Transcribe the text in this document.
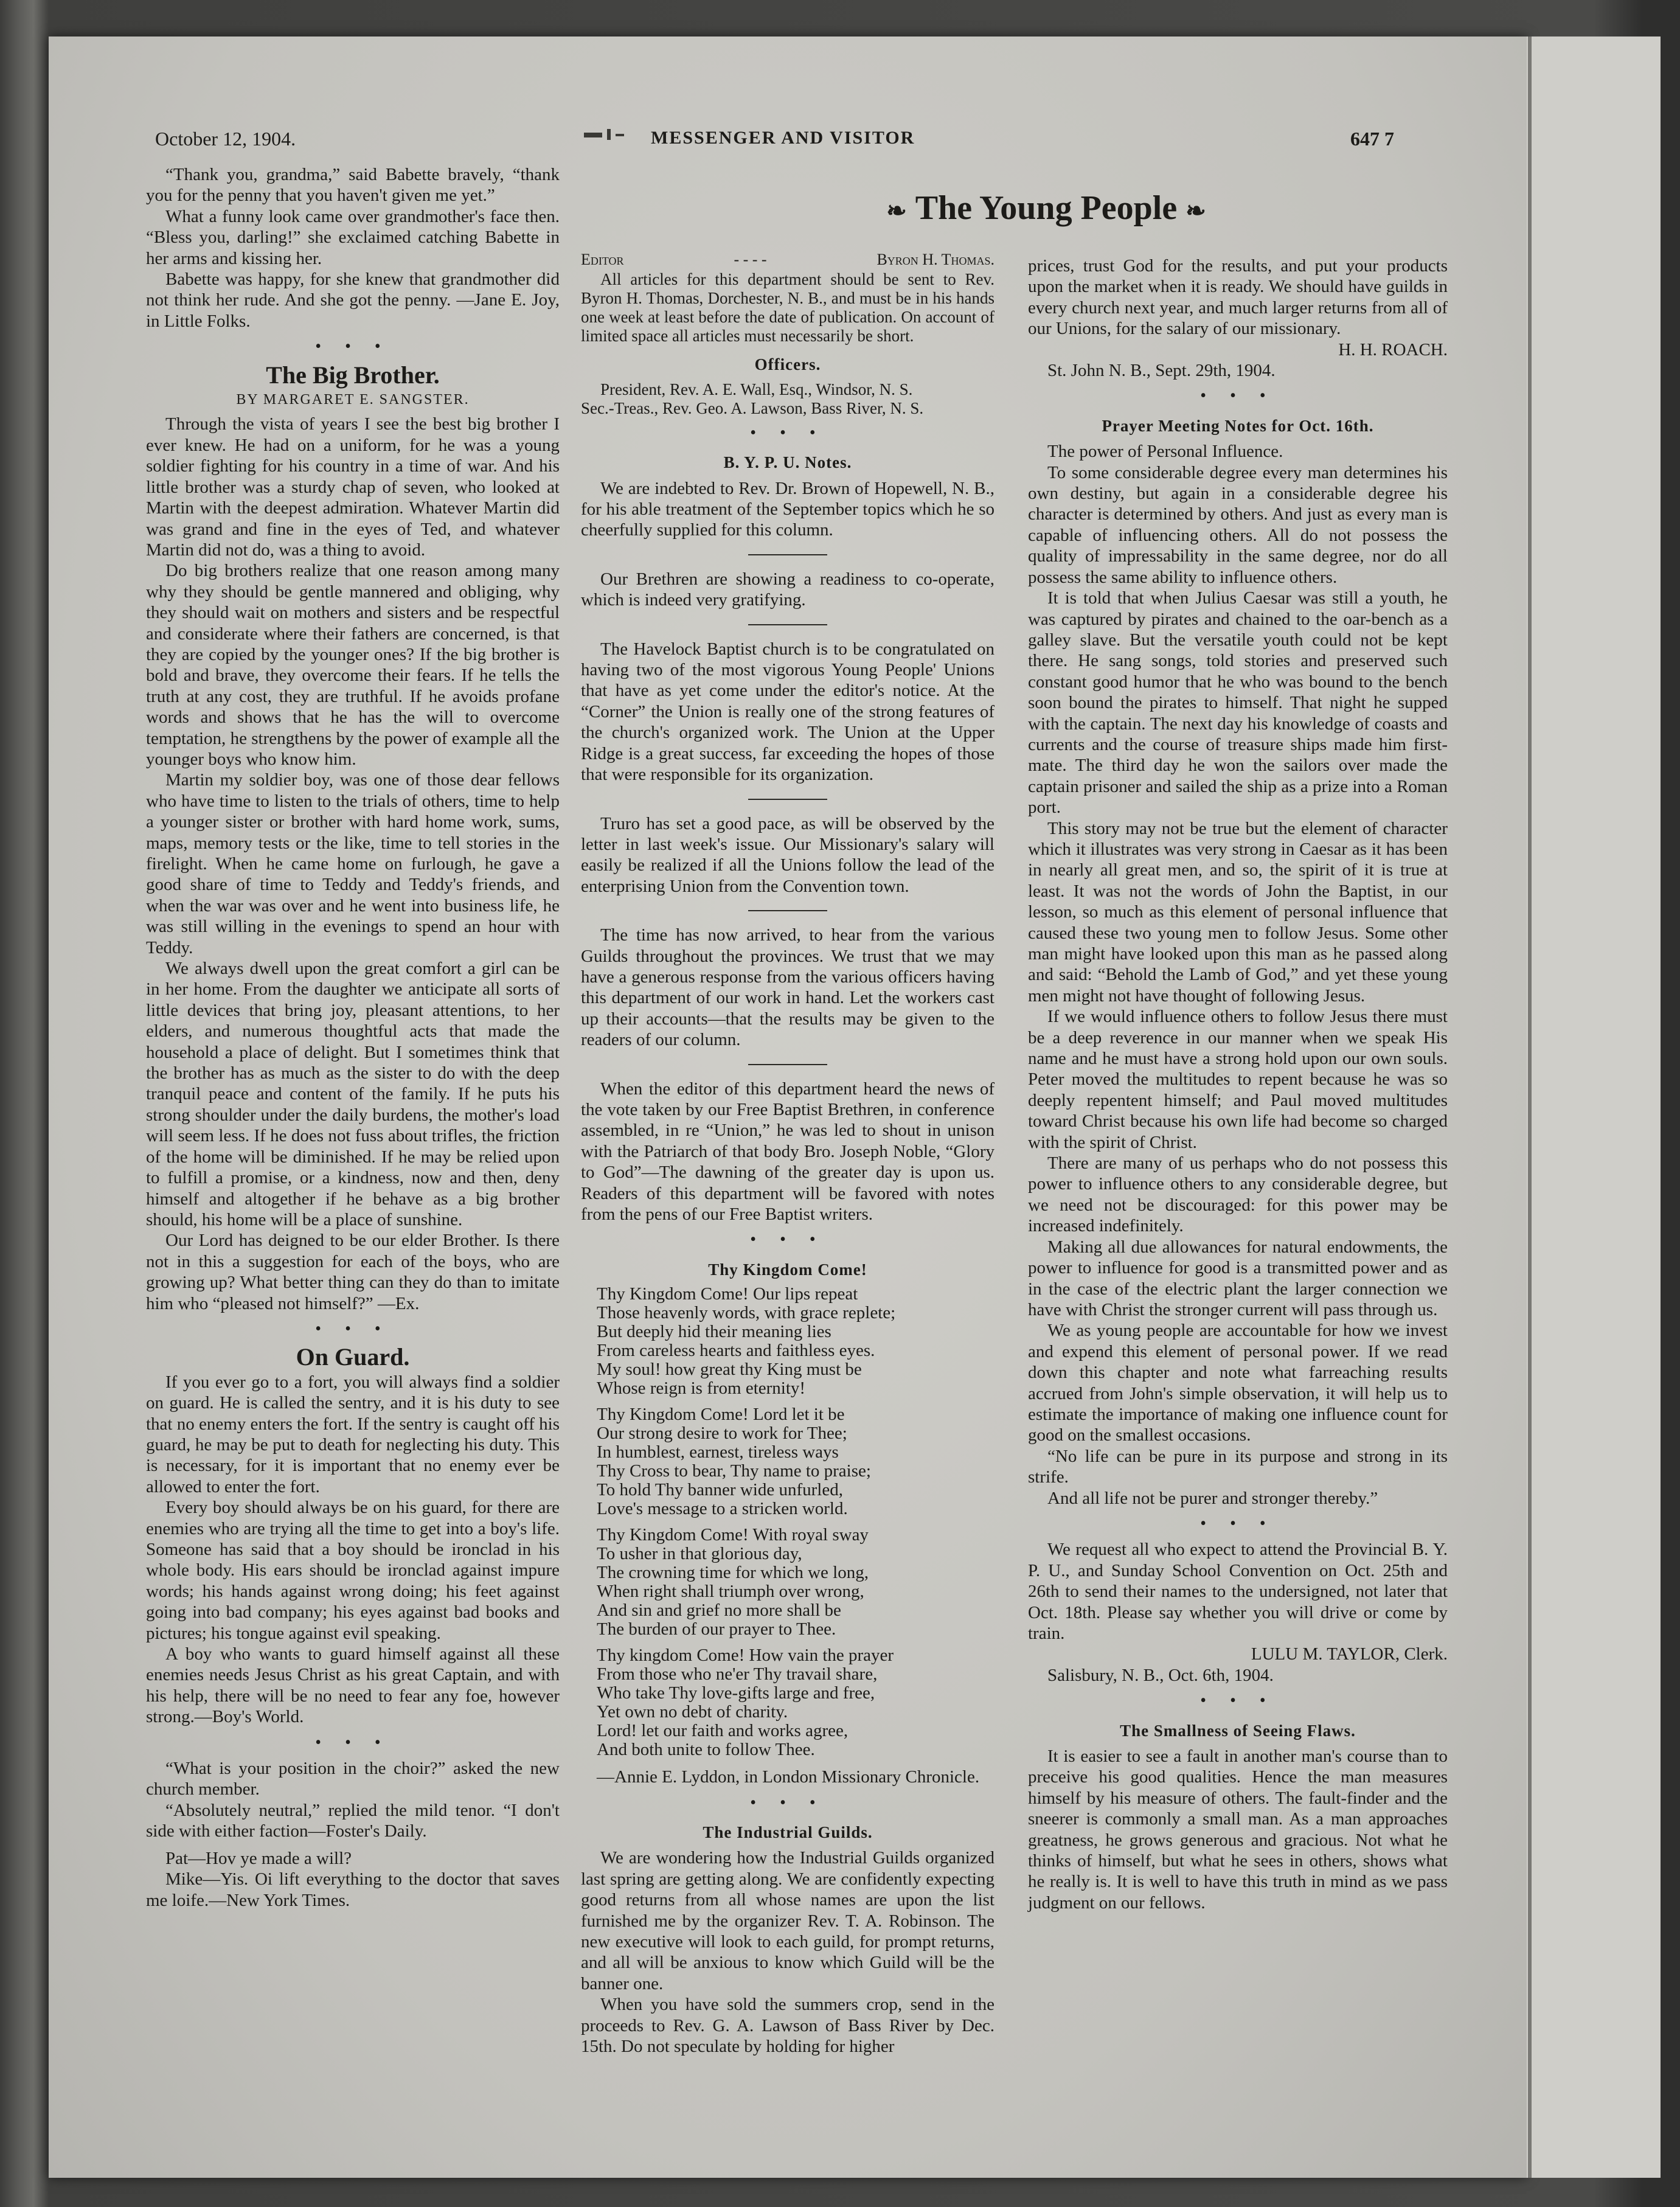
October 12, 1904.	MESSENGER AND VISITOR	647 7
❧ The Young People ❧

“Thank you, grandma,” said Babette bravely, “thank you for the penny that you haven't given me yet.”

What a funny look came over grandmother's face then. “Bless you, darling!” she exclaimed catching Babette in her arms and kissing her.

Babette was happy, for she knew that grandmother did not think her rude. And she got the penny. —Jane E. Joy, in Little Folks.

• • •
The Big Brother.
BY MARGARET E. SANGSTER.

Through the vista of years I see the best big brother I ever knew. He had on a uniform, for he was a young soldier fighting for his country in a time of war. And his little brother was a sturdy chap of seven, who looked at Martin with the deepest admiration. Whatever Martin did was grand and fine in the eyes of Ted, and whatever Martin did not do, was a thing to avoid.

Do big brothers realize that one reason among many why they should be gentle mannered and obliging, why they should wait on mothers and sisters and be respectful and considerate where their fathers are concerned, is that they are copied by the younger ones? If the big brother is bold and brave, they overcome their fears. If he tells the truth at any cost, they are truthful. If he avoids profane words and shows that he has the will to overcome temptation, he strengthens by the power of example all the younger boys who know him.

Martin my soldier boy, was one of those dear fellows who have time to listen to the trials of others, time to help a younger sister or brother with hard home work, sums, maps, memory tests or the like, time to tell stories in the firelight. When he came home on furlough, he gave a good share of time to Teddy and Teddy's friends, and when the war was over and he went into business life, he was still willing in the evenings to spend an hour with Teddy.

We always dwell upon the great comfort a girl can be in her home. From the daughter we anticipate all sorts of little devices that bring joy, pleasant attentions, to her elders, and numerous thoughtful acts that made the household a place of delight. But I sometimes think that the brother has as much as the sister to do with the deep tranquil peace and content of the family. If he puts his strong shoulder under the daily burdens, the mother's load will seem less. If he does not fuss about trifles, the friction of the home will be diminished. If he may be relied upon to fulfill a promise, or a kindness, now and then, deny himself and altogether if he behave as a big brother should, his home will be a place of sunshine.

Our Lord has deigned to be our elder Brother. Is there not in this a suggestion for each of the boys, who are growing up? What better thing can they do than to imitate him who “pleased not himself?” —Ex.

• • •
On Guard.

If you ever go to a fort, you will always find a soldier on guard. He is called the sentry, and it is his duty to see that no enemy enters the fort. If the sentry is caught off his guard, he may be put to death for neglecting his duty. This is necessary, for it is important that no enemy ever be allowed to enter the fort.

Every boy should always be on his guard, for there are enemies who are trying all the time to get into a boy's life. Someone has said that a boy should be ironclad in his whole body. His ears should be ironclad against impure words; his hands against wrong doing; his feet against going into bad company; his eyes against bad books and pictures; his tongue against evil speaking.

A boy who wants to guard himself against all these enemies needs Jesus Christ as his great Captain, and with his help, there will be no need to fear any foe, however strong.—Boy's World.

• • •

“What is your position in the choir?” asked the new church member.

“Absolutely neutral,” replied the mild tenor. “I don't side with either faction—Foster's Daily.

Pat—Hov ye made a will?

Mike—Yis. Oi lift everything to the doctor that saves me loife.—New York Times.

Editor	- - - -	Byron H. Thomas.

All articles for this department should be sent to Rev. Byron H. Thomas, Dorchester, N. B., and must be in his hands one week at least before the date of publication. On account of limited space all articles must necessarily be short.

Officers.

President, Rev. A. E. Wall, Esq., Windsor, N. S.

Sec.-Treas., Rev. Geo. A. Lawson, Bass River, N. S.

• • •
B. Y. P. U. Notes.

We are indebted to Rev. Dr. Brown of Hopewell, N. B., for his able treatment of the September topics which he so cheerfully supplied for this column.

Our Brethren are showing a readiness to co-operate, which is indeed very gratifying.

The Havelock Baptist church is to be congratulated on having two of the most vigorous Young People' Unions that have as yet come under the editor's notice. At the “Corner” the Union is really one of the strong features of the church's organized work. The Union at the Upper Ridge is a great success, far exceeding the hopes of those that were responsible for its organization.

Truro has set a good pace, as will be observed by the letter in last week's issue. Our Missionary's salary will easily be realized if all the Unions follow the lead of the enterprising Union from the Convention town.

The time has now arrived, to hear from the various Guilds throughout the provinces. We trust that we may have a generous response from the various officers having this department of our work in hand. Let the workers cast up their accounts—that the results may be given to the readers of our column.

When the editor of this department heard the news of the vote taken by our Free Baptist Brethren, in conference assembled, in re “Union,” he was led to shout in unison with the Patriarch of that body Bro. Joseph Noble, “Glory to God”—The dawning of the greater day is upon us. Readers of this department will be favored with notes from the pens of our Free Baptist writers.

• • •
Thy Kingdom Come!
Thy Kingdom Come! Our lips repeat
Those heavenly words, with grace replete;
But deeply hid their meaning lies
From careless hearts and faithless eyes.
My soul! how great thy King must be
Whose reign is from eternity!
Thy Kingdom Come! Lord let it be
Our strong desire to work for Thee;
In humblest, earnest, tireless ways
Thy Cross to bear, Thy name to praise;
To hold Thy banner wide unfurled,
Love's message to a stricken world.
Thy Kingdom Come! With royal sway
To usher in that glorious day,
The crowning time for which we long,
When right shall triumph over wrong,
And sin and grief no more shall be
The burden of our prayer to Thee.
Thy kingdom Come! How vain the prayer
From those who ne'er Thy travail share,
Who take Thy love-gifts large and free,
Yet own no debt of charity.
Lord! let our faith and works agree,
And both unite to follow Thee.

—Annie E. Lyddon, in London Missionary Chronicle.

• • •
The Industrial Guilds.

We are wondering how the Industrial Guilds organized last spring are getting along. We are confidently expecting good returns from all whose names are upon the list furnished me by the organizer Rev. T. A. Robinson. The new executive will look to each guild, for prompt returns, and all will be anxious to know which Guild will be the banner one.

When you have sold the summers crop, send in the proceeds to Rev. G. A. Lawson of Bass River by Dec. 15th. Do not speculate by holding for higher

prices, trust God for the results, and put your products upon the market when it is ready. We should have guilds in every church next year, and much larger returns from all of our Unions, for the salary of our missionary.

H. H. ROACH.

St. John N. B., Sept. 29th, 1904.

• • •
Prayer Meeting Notes for Oct. 16th.

The power of Personal Influence.

To some considerable degree every man determines his own destiny, but again in a considerable degree his character is determined by others. And just as every man is capable of influencing others. All do not possess the quality of impressability in the same degree, nor do all possess the same ability to influence others.

It is told that when Julius Caesar was still a youth, he was captured by pirates and chained to the oar-bench as a galley slave. But the versatile youth could not be kept there. He sang songs, told stories and preserved such constant good humor that he who was bound to the bench soon bound the pirates to himself. That night he supped with the captain. The next day his knowledge of coasts and currents and the course of treasure ships made him first-mate. The third day he won the sailors over made the captain prisoner and sailed the ship as a prize into a Roman port.

This story may not be true but the element of character which it illustrates was very strong in Caesar as it has been in nearly all great men, and so, the spirit of it is true at least. It was not the words of John the Baptist, in our lesson, so much as this element of personal influence that caused these two young men to follow Jesus. Some other man might have looked upon this man as he passed along and said: “Behold the Lamb of God,” and yet these young men might not have thought of following Jesus.

If we would influence others to follow Jesus there must be a deep reverence in our manner when we speak His name and he must have a strong hold upon our own souls. Peter moved the multitudes to repent because he was so deeply repentent himself; and Paul moved multitudes toward Christ because his own life had become so charged with the spirit of Christ.

There are many of us perhaps who do not possess this power to influence others to any considerable degree, but we need not be discouraged: for this power may be increased indefinitely.

Making all due allowances for natural endowments, the power to influence for good is a transmitted power and as in the case of the electric plant the larger connection we have with Christ the stronger current will pass through us.

We as young people are accountable for how we invest and expend this element of personal power. If we read down this chapter and note what farreaching results accrued from John's simple observation, it will help us to estimate the importance of making one influence count for good on the smallest occasions.

“No life can be pure in its purpose and strong in its strife.

And all life not be purer and stronger thereby.”

• • •

We request all who expect to attend the Provincial B. Y. P. U., and Sunday School Convention on Oct. 25th and 26th to send their names to the undersigned, not later that Oct. 18th. Please say whether you will drive or come by train.

LULU M. TAYLOR, Clerk.

Salisbury, N. B., Oct. 6th, 1904.

• • •
The Smallness of Seeing Flaws.

It is easier to see a fault in another man's course than to preceive his good qualities. Hence the man measures himself by his measure of others. The fault-finder and the sneerer is commonly a small man. As a man approaches greatness, he grows generous and gracious. Not what he thinks of himself, but what he sees in others, shows what he really is. It is well to have this truth in mind as we pass judgment on our fellows.
